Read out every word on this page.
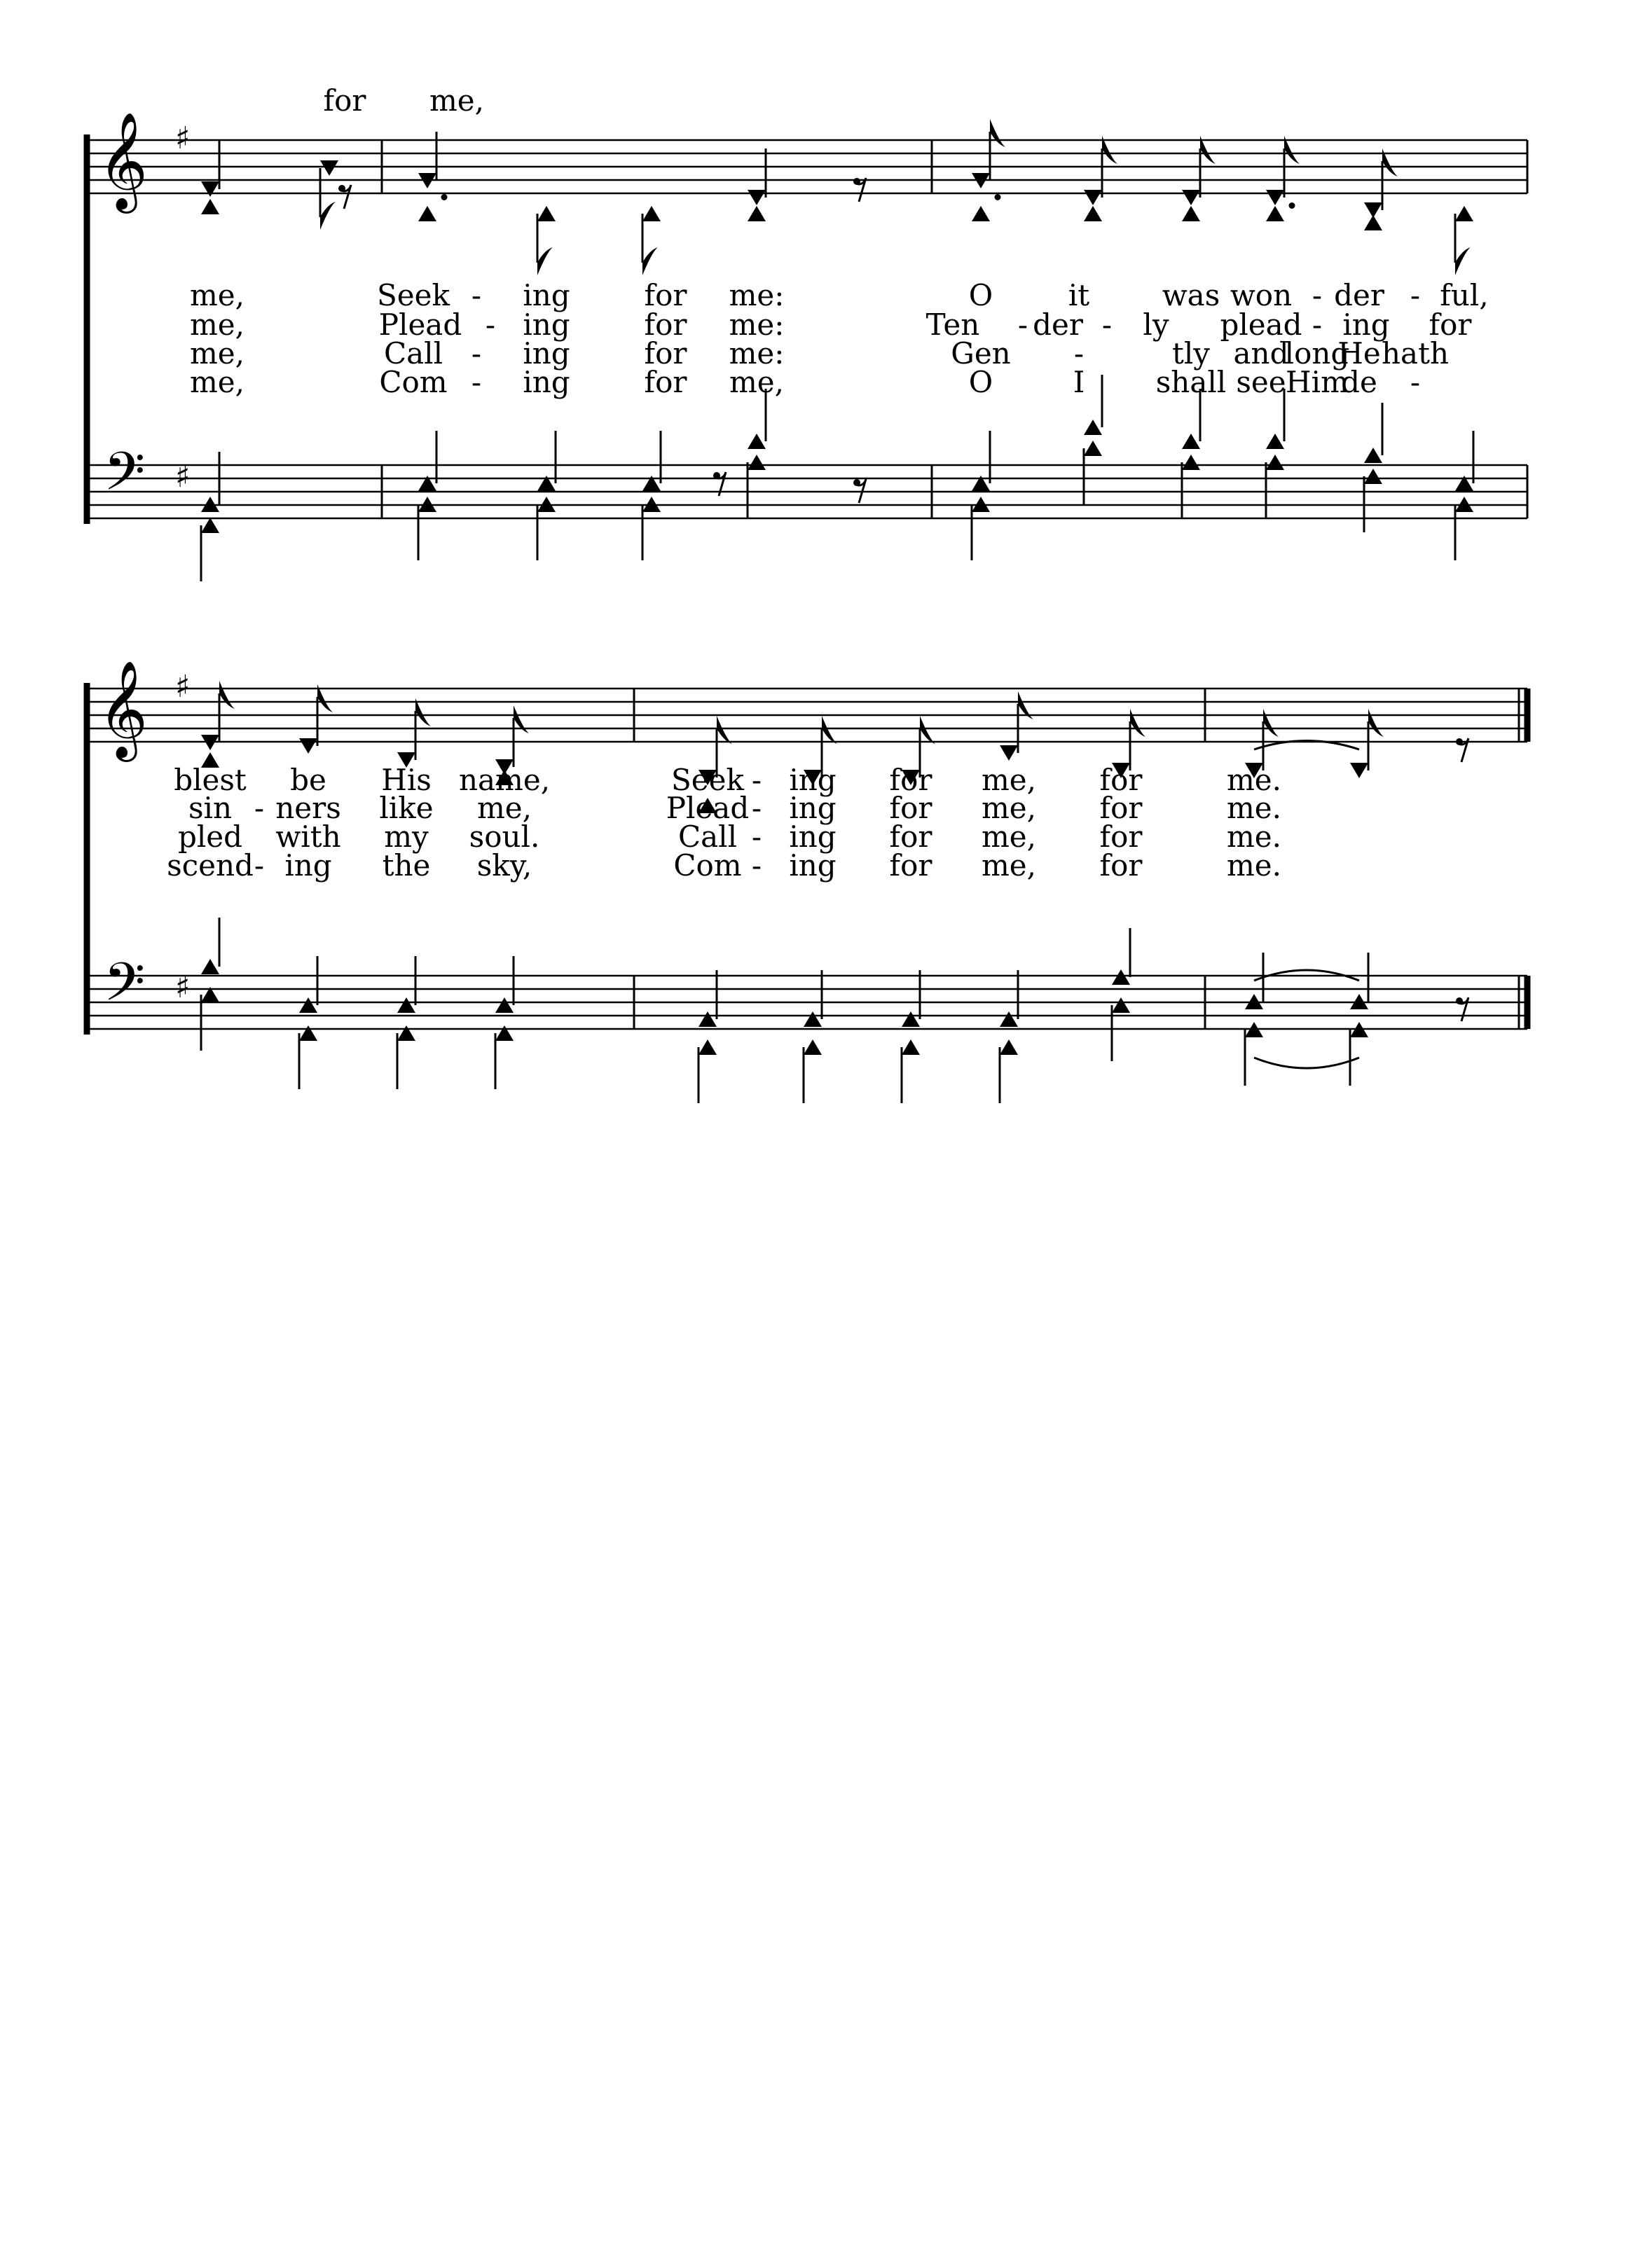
𝄞
𝄢
♯
♯
𝄞
𝄢
♯
♯
for me,
me,	Seek - ing	for me:	O	it was won - der - ful,
me,	Plead - ing	for me:	Ten - der - ly plead - ing for
me,	Call - ing	for me:	Gen -	tly and
long
He hath
me,	Com - ing	for me,	O	I shall see Him
de -
blest be His name,	Seek - ing for me, for	me.
sin - ners like me,	Plead - ing for me, for	me.
pled with my soul.	Call - ing for me, for	me.
scend - ing the sky,	Com - ing for me, for	me.
